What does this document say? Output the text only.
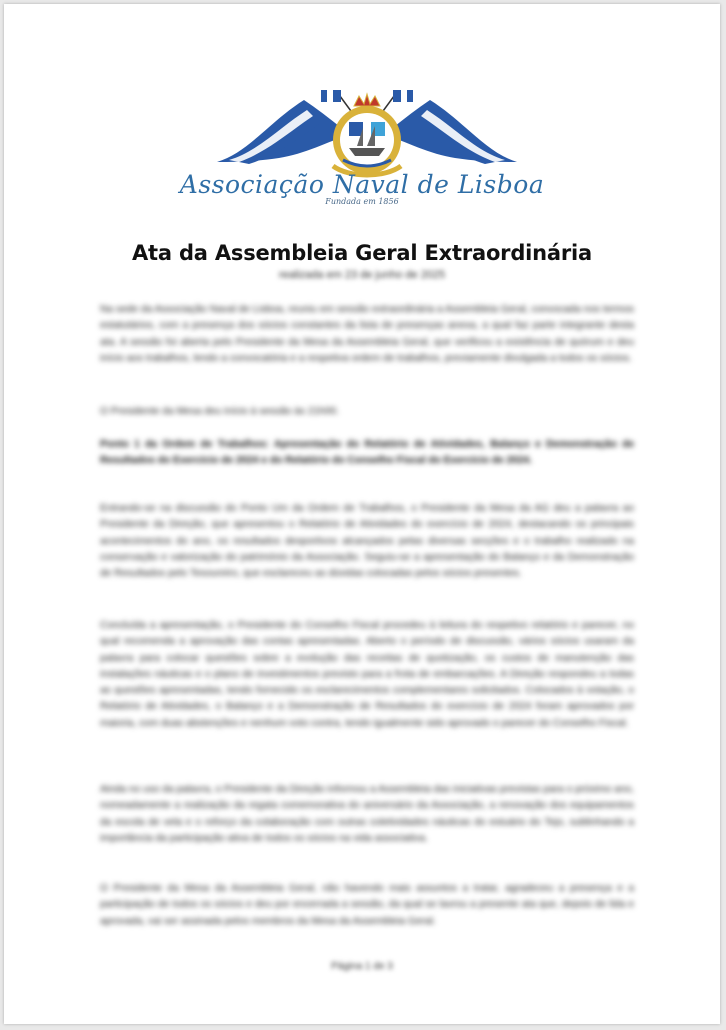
Associação Naval de Lisboa
Fundada em 1856
Ata da Assembleia Geral Extraordinária
realizada em 23 de junho de 2025
Na sede da Associação Naval de Lisboa, reuniu em sessão extraordinária a Assembleia Geral, convocada nos termos estatutários, com a presença dos sócios constantes da lista de presenças anexa, a qual faz parte integrante desta ata. A sessão foi aberta pelo Presidente da Mesa da Assembleia Geral, que verificou a existência de quórum e deu início aos trabalhos, lendo a convocatória e a respetiva ordem de trabalhos, previamente divulgada a todos os sócios.
O Presidente da Mesa deu início à sessão às 21h00.
Ponto 1 da Ordem de Trabalhos: Apresentação do Relatório de Atividades, Balanço e Demonstração de Resultados do Exercício de 2024 e do Relatório do Conselho Fiscal do Exercício de 2024.
Entrando-se na discussão do Ponto Um da Ordem de Trabalhos, o Presidente da Mesa da AG deu a palavra ao Presidente da Direção, que apresentou o Relatório de Atividades do exercício de 2024, destacando os principais acontecimentos do ano, os resultados desportivos alcançados pelas diversas secções e o trabalho realizado na conservação e valorização do património da Associação. Seguiu-se a apresentação do Balanço e da Demonstração de Resultados pelo Tesoureiro, que esclareceu as dúvidas colocadas pelos sócios presentes.
Concluída a apresentação, o Presidente do Conselho Fiscal procedeu à leitura do respetivo relatório e parecer, no qual recomenda a aprovação das contas apresentadas. Aberto o período de discussão, vários sócios usaram da palavra para colocar questões sobre a evolução das receitas de quotização, os custos de manutenção das instalações náuticas e o plano de investimentos previsto para a frota de embarcações. A Direção respondeu a todas as questões apresentadas, tendo fornecido os esclarecimentos complementares solicitados. Colocados à votação, o Relatório de Atividades, o Balanço e a Demonstração de Resultados do exercício de 2024 foram aprovados por maioria, com duas abstenções e nenhum voto contra, tendo igualmente sido aprovado o parecer do Conselho Fiscal.
Ainda no uso da palavra, o Presidente da Direção informou a Assembleia das iniciativas previstas para o próximo ano, nomeadamente a realização da regata comemorativa do aniversário da Associação, a renovação dos equipamentos da escola de vela e o reforço da colaboração com outras coletividades náuticas do estuário do Tejo, sublinhando a importância da participação ativa de todos os sócios na vida associativa.
O Presidente da Mesa da Assembleia Geral, não havendo mais assuntos a tratar, agradeceu a presença e a participação de todos os sócios e deu por encerrada a sessão, da qual se lavrou a presente ata que, depois de lida e aprovada, vai ser assinada pelos membros da Mesa da Assembleia Geral.
Página 1 de 3
